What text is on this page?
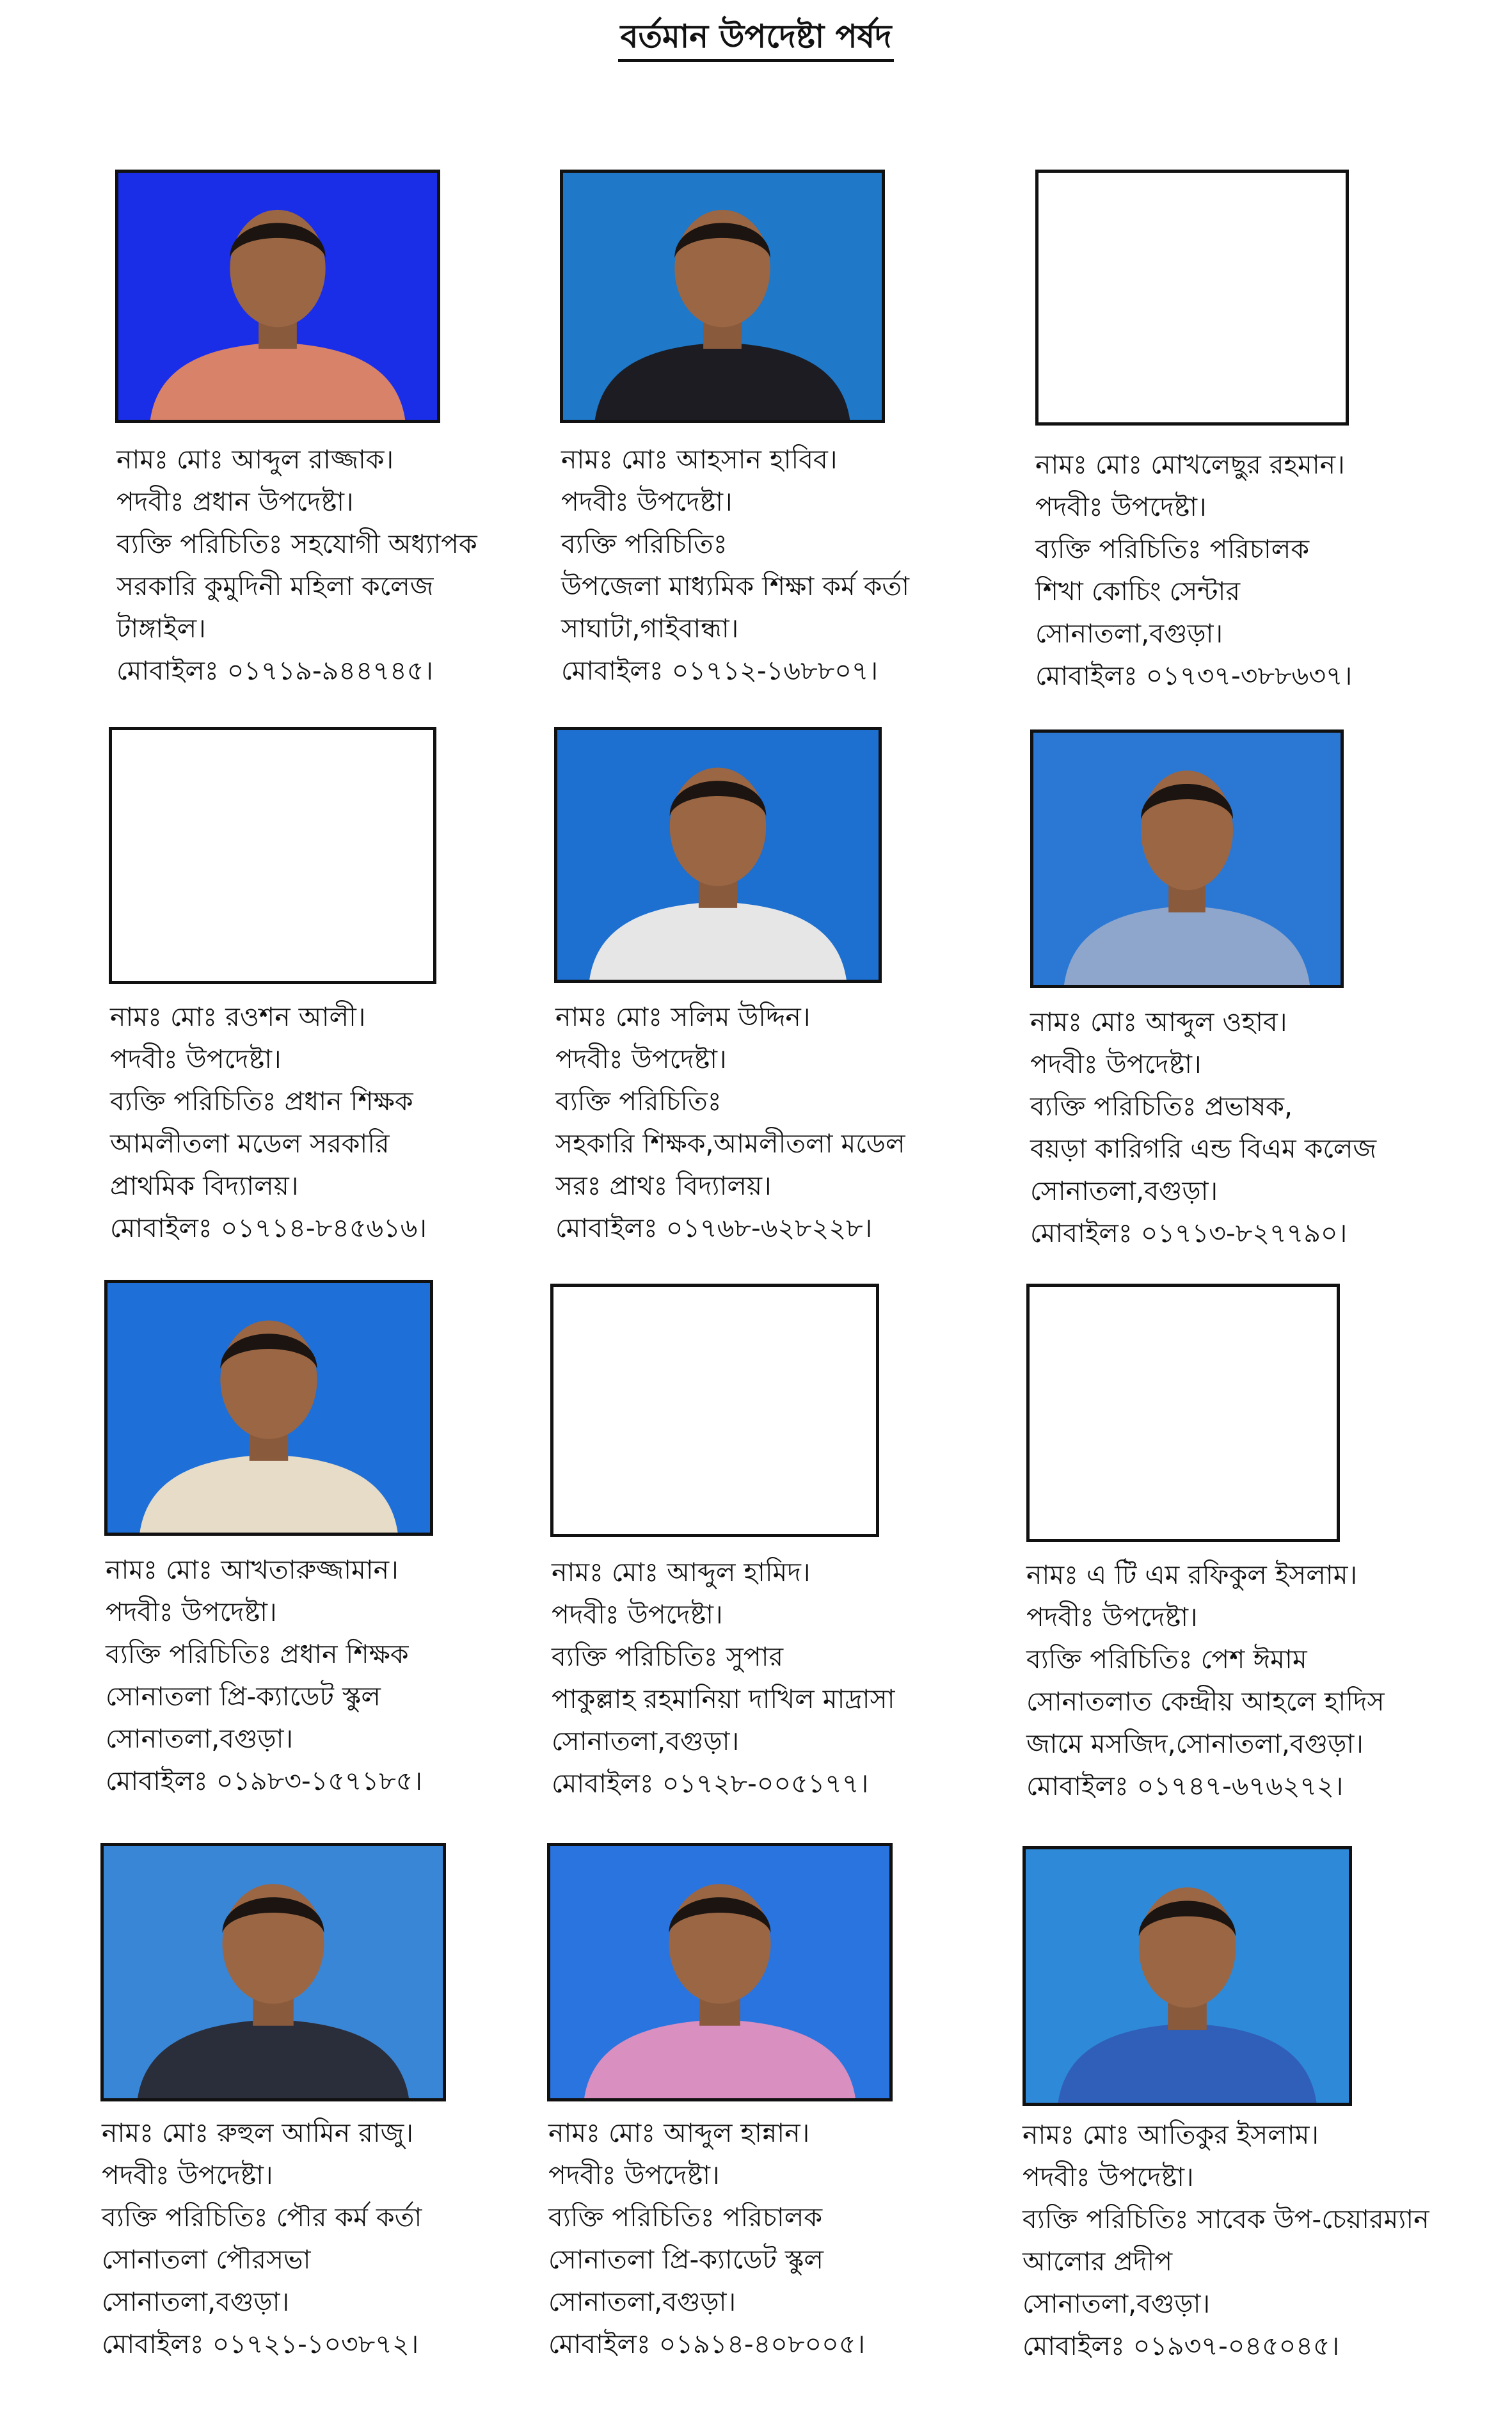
বর্তমান উপদেষ্টা পর্ষদ
নামঃ মোঃ আব্দুল রাজ্জাক।
পদবীঃ প্রধান উপদেষ্টা।
ব্যক্তি পরিচিতিঃ সহযোগী অধ্যাপক
সরকারি কুমুদিনী মহিলা কলেজ
টাঙ্গাইল।
মোবাইলঃ ০১৭১৯-৯৪৪৭৪৫।
নামঃ মোঃ আহসান হাবিব।
পদবীঃ উপদেষ্টা।
ব্যক্তি পরিচিতিঃ
উপজেলা মাধ্যমিক শিক্ষা কর্ম কর্তা
সাঘাটা,গাইবান্ধা।
মোবাইলঃ ০১৭১২-১৬৮৮০৭।
নামঃ মোঃ মোখলেছুর রহমান।
পদবীঃ উপদেষ্টা।
ব্যক্তি পরিচিতিঃ পরিচালক
শিখা কোচিং সেন্টার
সোনাতলা,বগুড়া।
মোবাইলঃ ০১৭৩৭-৩৮৮৬৩৭।
নামঃ মোঃ রওশন আলী।
পদবীঃ উপদেষ্টা।
ব্যক্তি পরিচিতিঃ প্রধান শিক্ষক
আমলীতলা মডেল সরকারি
প্রাথমিক বিদ্যালয়।
মোবাইলঃ ০১৭১৪-৮৪৫৬১৬।
নামঃ মোঃ সলিম উদ্দিন।
পদবীঃ উপদেষ্টা।
ব্যক্তি পরিচিতিঃ
সহকারি শিক্ষক,আমলীতলা মডেল
সরঃ প্রাথঃ বিদ্যালয়।
মোবাইলঃ ০১৭৬৮-৬২৮২২৮।
নামঃ মোঃ আব্দুল ওহাব।
পদবীঃ উপদেষ্টা।
ব্যক্তি পরিচিতিঃ প্রভাষক,
বয়ড়া কারিগরি এন্ড বিএম কলেজ
সোনাতলা,বগুড়া।
মোবাইলঃ ০১৭১৩-৮২৭৭৯০।
নামঃ মোঃ আখতারুজ্জামান।
পদবীঃ উপদেষ্টা।
ব্যক্তি পরিচিতিঃ প্রধান শিক্ষক
সোনাতলা প্রি-ক্যাডেট স্কুল
সোনাতলা,বগুড়া।
মোবাইলঃ ০১৯৮৩-১৫৭১৮৫।
নামঃ মোঃ আব্দুল হামিদ।
পদবীঃ উপদেষ্টা।
ব্যক্তি পরিচিতিঃ সুপার
পাকুল্লাহ রহমানিয়া দাখিল মাদ্রাসা
সোনাতলা,বগুড়া।
মোবাইলঃ ০১৭২৮-০০৫১৭৭।
নামঃ এ টি এম রফিকুল ইসলাম।
পদবীঃ উপদেষ্টা।
ব্যক্তি পরিচিতিঃ পেশ ঈমাম
সোনাতলাত কেন্দ্রীয় আহলে হাদিস
জামে মসজিদ,সোনাতলা,বগুড়া।
মোবাইলঃ ০১৭৪৭-৬৭৬২৭২।
নামঃ মোঃ রুহুল আমিন রাজু।
পদবীঃ উপদেষ্টা।
ব্যক্তি পরিচিতিঃ পৌর কর্ম কর্তা
সোনাতলা পৌরসভা
সোনাতলা,বগুড়া।
মোবাইলঃ ০১৭২১-১০৩৮৭২।
নামঃ মোঃ আব্দুল হান্নান।
পদবীঃ উপদেষ্টা।
ব্যক্তি পরিচিতিঃ পরিচালক
সোনাতলা প্রি-ক্যাডেট স্কুল
সোনাতলা,বগুড়া।
মোবাইলঃ ০১৯১৪-৪০৮০০৫।
নামঃ মোঃ আতিকুর ইসলাম।
পদবীঃ উপদেষ্টা।
ব্যক্তি পরিচিতিঃ সাবেক উপ-চেয়ারম্যান
আলোর প্রদীপ
সোনাতলা,বগুড়া।
মোবাইলঃ ০১৯৩৭-০৪৫০৪৫।
